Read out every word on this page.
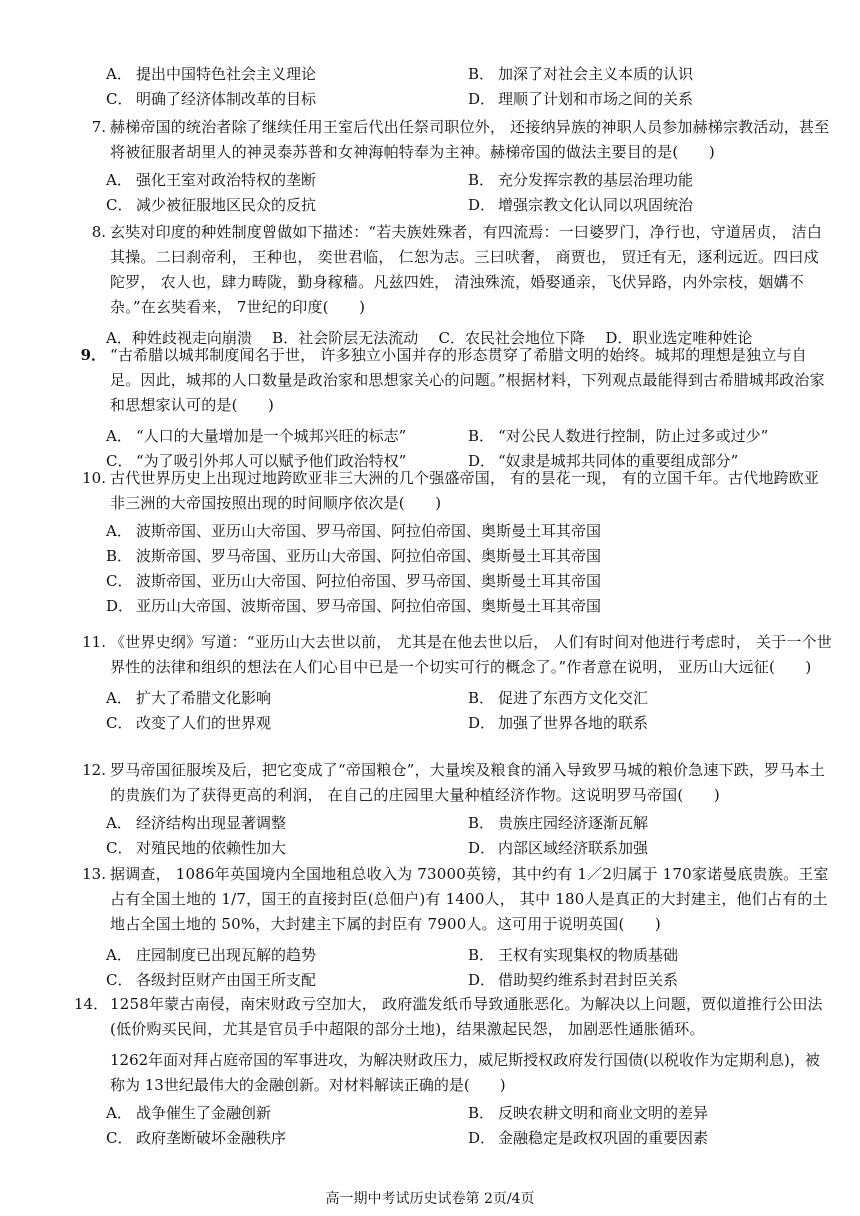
A． 提出中国特色社会主义理论	B． 加深了对社会主义本质的认识
C． 明确了经济体制改革的目标	D． 理顺了计划和市场之间的关系
7. 赫梯帝国的统治者除了继续任用王室后代出任祭司职位外， 还接纳异族的神职人员参加赫梯宗教活动，甚至将被征服者胡里人的神灵泰苏普和女神海帕特奉为主神。赫梯帝国的做法主要目的是(　　)
A． 强化王室对政治特权的垄断	B． 充分发挥宗教的基层治理功能
C． 减少被征服地区民众的反抗	D． 增强宗教文化认同以巩固统治
8. 玄奘对印度的种姓制度曾做如下描述：“若夫族姓殊者，有四流焉：一曰婆罗门，净行也，守道居贞， 洁白其操。二曰刹帝利， 王种也， 奕世君临， 仁恕为志。三曰吠奢， 商贾也， 贸迁有无，逐利远近。四曰戍陀罗， 农人也，肆力畴陇，勤身稼穑。凡兹四姓， 清浊殊流，婚娶通亲，飞伏异路，内外宗枝，姻媾不杂。”在玄奘看来， 7世纪的印度(　　)
A．种姓歧视走向崩溃 B．社会阶层无法流动 C．农民社会地位下降 D．职业选定唯种姓论
9． “古希腊以城邦制度闻名于世， 许多独立小国并存的形态贯穿了希腊文明的始终。城邦的理想是独立与自足。因此，城邦的人口数量是政治家和思想家关心的问题。”根据材料，下列观点最能得到古希腊城邦政治家和思想家认可的是(　　)
A． “人口的大量增加是一个城邦兴旺的标志”	B． “对公民人数进行控制，防止过多或过少”
C． “为了吸引外邦人可以赋予他们政治特权”	D． “奴隶是城邦共同体的重要组成部分”
10. 古代世界历史上出现过地跨欧亚非三大洲的几个强盛帝国， 有的昙花一现， 有的立国千年。古代地跨欧亚非三洲的大帝国按照出现的时间顺序依次是(　　)
A． 波斯帝国、亚历山大帝国、罗马帝国、阿拉伯帝国、奥斯曼土耳其帝国
B． 波斯帝国、罗马帝国、亚历山大帝国、阿拉伯帝国、奥斯曼土耳其帝国
C． 波斯帝国、亚历山大帝国、阿拉伯帝国、罗马帝国、奥斯曼土耳其帝国
D． 亚历山大帝国、波斯帝国、罗马帝国、阿拉伯帝国、奥斯曼土耳其帝国
11. 《世界史纲》写道：“亚历山大去世以前， 尤其是在他去世以后， 人们有时间对他进行考虑时， 关于一个世界性的法律和组织的想法在人们心目中已是一个切实可行的概念了。”作者意在说明， 亚历山大远征(　　)
A． 扩大了希腊文化影响	B． 促进了东西方文化交汇
C． 改变了人们的世界观	D． 加强了世界各地的联系
12. 罗马帝国征服埃及后，把它变成了“帝国粮仓”，大量埃及粮食的涌入导致罗马城的粮价急速下跌，罗马本土的贵族们为了获得更高的利润， 在自己的庄园里大量种植经济作物。这说明罗马帝国(　　)
A． 经济结构出现显著调整	B． 贵族庄园经济逐渐瓦解
C． 对殖民地的依赖性加大	D． 内部区域经济联系加强
13. 据调查， 1086年英国境内全国地租总收入为 73000英镑，其中约有 1／2归属于 170家诺曼底贵族。王室占有全国土地的 1/7，国王的直接封臣(总佃户)有 1400人， 其中 180人是真正的大封建主，他们占有的土地占全国土地的 50%，大封建主下属的封臣有 7900人。这可用于说明英国(　　)
A． 庄园制度已出现瓦解的趋势	B． 王权有实现集权的物质基础
C． 各级封臣财产由国王所支配	D． 借助契约维系封君封臣关系
14． 1258年蒙古南侵，南宋财政亏空加大， 政府滥发纸币导致通胀恶化。为解决以上问题，贾似道推行公田法(低价购买民间，尤其是官员手中超限的部分土地)，结果激起民怨， 加剧恶性通胀循环。
1262年面对拜占庭帝国的军事进攻，为解决财政压力，威尼斯授权政府发行国债(以税收作为定期利息)，被称为 13世纪最伟大的金融创新。对材料解读正确的是(　　)
A． 战争催生了金融创新	B． 反映农耕文明和商业文明的差异
C． 政府垄断破坏金融秩序	D． 金融稳定是政权巩固的重要因素
高一期中考试历史试卷第 2页/4页
